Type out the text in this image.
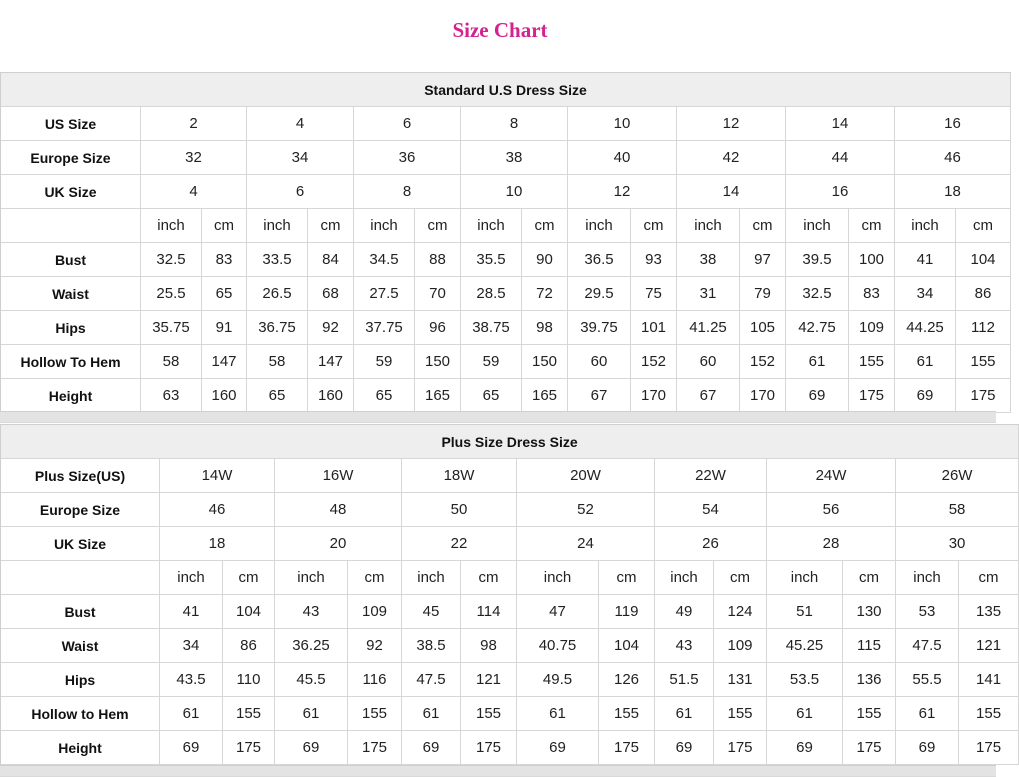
Size Chart
Standard U.S Dress Size																
US Size	2		4		6		8		10		12		14		16	
Europe Size	32		34		36		38		40		42		44		46	
UK Size	4		6		8		10		12		14		16		18	
	inch	cm	inch	cm	inch	cm	inch	cm	inch	cm	inch	cm	inch	cm	inch	cm
Bust	32.5	83	33.5	84	34.5	88	35.5	90	36.5	93	38	97	39.5	100	41	104
Waist	25.5	65	26.5	68	27.5	70	28.5	72	29.5	75	31	79	32.5	83	34	86
Hips	35.75	91	36.75	92	37.75	96	38.75	98	39.75	101	41.25	105	42.75	109	44.25	112
Hollow To Hem	58	147	58	147	59	150	59	150	60	152	60	152	61	155	61	155
Height	63	160	65	160	65	165	65	165	67	170	67	170	69	175	69	175
Plus Size Dress Size														
Plus Size(US)	14W		16W		18W		20W		22W		24W		26W	
Europe Size	46		48		50		52		54		56		58	
UK Size	18		20		22		24		26		28		30	
	inch	cm	inch	cm	inch	cm	inch	cm	inch	cm	inch	cm	inch	cm
Bust	41	104	43	109	45	114	47	119	49	124	51	130	53	135
Waist	34	86	36.25	92	38.5	98	40.75	104	43	109	45.25	115	47.5	121
Hips	43.5	110	45.5	116	47.5	121	49.5	126	51.5	131	53.5	136	55.5	141
Hollow to Hem	61	155	61	155	61	155	61	155	61	155	61	155	61	155
Height	69	175	69	175	69	175	69	175	69	175	69	175	69	175
